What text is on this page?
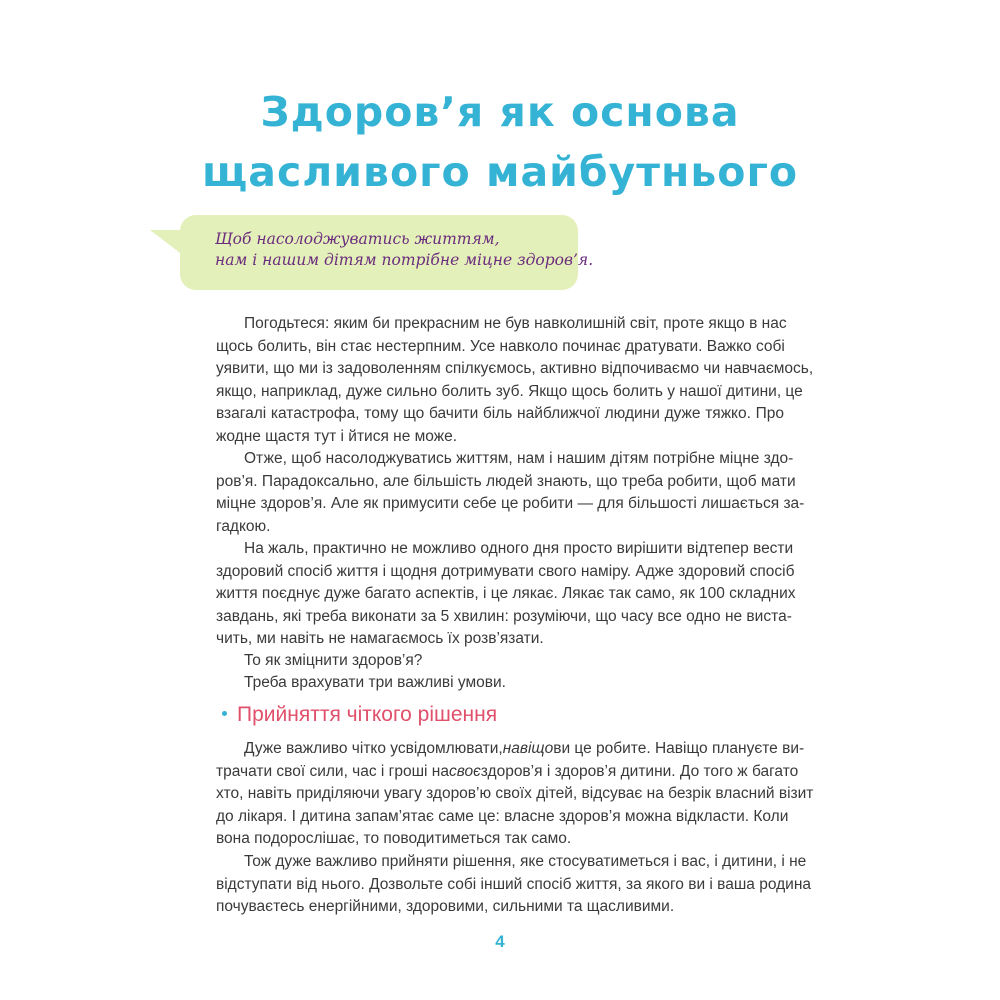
Здоров’я як основа
щасливого майбутнього
Щоб насолоджуватись життям,
нам і нашим дітям потрібне міцне здоров’я.
Погодьтеся: яким би прекрасним не був навколишній світ, проте якщо в нас
щось болить, він стає нестерпним. Усе навколо починає дратувати. Важко собі
уявити, що ми із задоволенням спілкуємось, активно відпочиваємо чи навчаємось,
якщо, наприклад, дуже сильно болить зуб. Якщо щось болить у нашої дитини, це
взагалі катастрофа, тому що бачити біль найближчої людини дуже тяжко. Про
жодне щастя тут і йтися не може.
Отже, щоб насолоджуватись життям, нам і нашим дітям потрібне міцне здо-
ров’я. Парадоксально, але більшість людей знають, що треба робити, щоб мати
міцне здоров’я. Але як примусити себе це робити — для більшості лишається за-
гадкою.
На жаль, практично не можливо одного дня просто вирішити відтепер вести
здоровий спосіб життя і щодня дотримувати свого наміру. Адже здоровий спосіб
життя поєднує дуже багато аспектів, і це лякає. Лякає так само, як 100 складних
завдань, які треба виконати за 5 хвилин: розуміючи, що часу все одно не вистa-
чить, ми навіть не намагаємось їх розв’язати.
То як зміцнити здоров’я?
Треба врахувати три важливі умови.
Прийняття чіткого рішення
Дуже важливо чітко усвідомлювати, навіщо ви це робите. Навіщо плануєте ви-
трачати свої сили, час і гроші на своє здоров’я і здоров’я дитини. До того ж багато
хто, навіть приділяючи увагу здоров’ю своїх дітей, відсуває на безрік власний візит
до лікаря. І дитина запам’ятає саме це: власне здоров’я можна відкласти. Коли
вона подорослішає, то поводитиметься так само.
Тож дуже важливо прийняти рішення, яке стосуватиметься і вас, і дитини, і не
відступати від нього. Дозвольте собі інший спосіб життя, за якого ви і ваша родина
почуваєтесь енергійними, здоровими, сильними та щасливими.
4
